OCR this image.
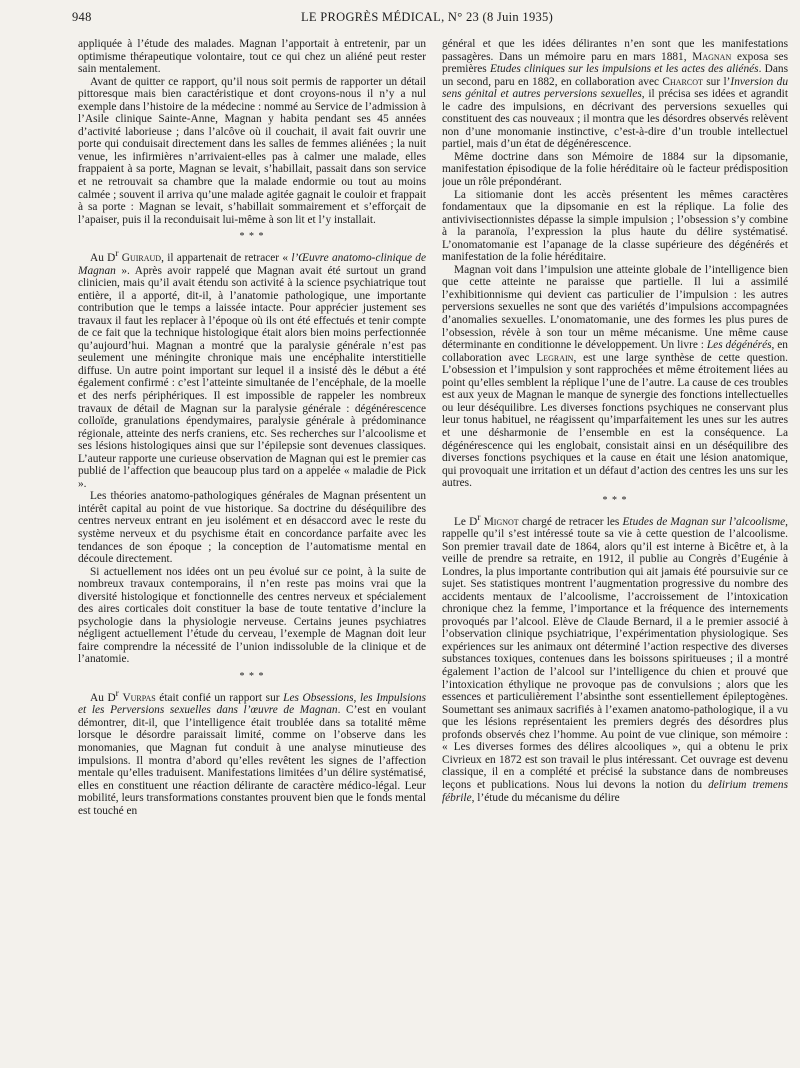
948	LE PROGRÈS MÉDICAL, N° 23 (8 Juin 1935)

appliquée à l’étude des malades. Magnan l’apportait à entretenir, par un optimisme thérapeutique volontaire, tout ce qui chez un aliéné peut rester sain mentalement.

Avant de quitter ce rapport, qu’il nous soit permis de rapporter un détail pittoresque mais bien caractéristique et dont croyons-nous il n’y a nul exemple dans l’histoire de la médecine : nommé au Service de l’admission à l’Asile clinique Sainte-Anne, Magnan y habita pendant ses 45 années d’activité laborieuse ; dans l’alcôve où il couchait, il avait fait ouvrir une porte qui conduisait directement dans les salles de femmes aliénées ; la nuit venue, les infirmières n’arrivaient-elles pas à calmer une malade, elles frappaient à sa porte, Magnan se levait, s’habillait, passait dans son service et ne retrouvait sa chambre que la malade endormie ou tout au moins calmée ; souvent il arriva qu’une malade agitée gagnait le couloir et frappait à sa porte : Magnan se levait, s’habillait sommairement et s’efforçait de l’apaiser, puis il la reconduisait lui-même à son lit et l’y installait.

* * *

Au $D^r$ Guiraud, il appartenait de retracer « l’Œuvre anatomo-clinique de Magnan ». Après avoir rappelé que Magnan avait été surtout un grand clinicien, mais qu’il avait étendu son activité à la science psychiatrique tout entière, il a apporté, dit-il, à l’anatomie pathologique, une importante contribution que le temps a laissée intacte. Pour apprécier justement ses travaux il faut les replacer à l’époque où ils ont été effectués et tenir compte de ce fait que la technique histologique était alors bien moins perfectionnée qu’aujourd’hui. Magnan a montré que la paralysie générale n’est pas seulement une méningite chronique mais une encéphalite interstitielle diffuse. Un autre point important sur lequel il a insisté dès le début a été également confirmé : c’est l’atteinte simultanée de l’encéphale, de la moelle et des nerfs périphériques. Il est impossible de rappeler les nombreux travaux de détail de Magnan sur la paralysie générale : dégénérescence colloïde, granulations épendymaires, paralysie générale à prédominance régionale, atteinte des nerfs craniens, etc. Ses recherches sur l’alcoolisme et ses lésions histologiques ainsi que sur l’épilepsie sont devenues classiques. L’auteur rapporte une curieuse observation de Magnan qui est le premier cas publié de l’affection que beaucoup plus tard on a appelée « maladie de Pick ».

Les théories anatomo-pathologiques générales de Magnan présentent un intérêt capital au point de vue historique. Sa doctrine du déséquilibre des centres nerveux entrant en jeu isolément et en désaccord avec le reste du système nerveux et du psychisme était en concordance parfaite avec les tendances de son époque ; la conception de l’automatisme mental en découle directement.

Si actuellement nos idées ont un peu évolué sur ce point, à la suite de nombreux travaux contemporains, il n’en reste pas moins vrai que la diversité histologique et fonctionnelle des centres nerveux et spécialement des aires corticales doit constituer la base de toute tentative d’inclure la psychologie dans la physiologie nerveuse. Certains jeunes psychiatres négligent actuellement l’étude du cerveau, l’exemple de Magnan doit leur faire comprendre la nécessité de l’union indissoluble de la clinique et de l’anatomie.

* * *

Au $D^r$ Vurpas était confié un rapport sur Les Obsessions, les Impulsions et les Perversions sexuelles dans l’œuvre de Magnan. C’est en voulant démontrer, dit-il, que l’intelligence était troublée dans sa totalité même lorsque le désordre paraissait limité, comme on l’observe dans les monomanies, que Magnan fut conduit à une analyse minutieuse des impulsions. Il montra d’abord qu’elles revêtent les signes de l’affection mentale qu’elles traduisent. Manifestations limitées d’un délire systématisé, elles en constituent une réaction délirante de caractère médico-légal. Leur mobilité, leurs transformations constantes prouvent bien que le fonds mental est touché en

général et que les idées délirantes n’en sont que les manifestations passagères. Dans un mémoire paru en mars 1881, Magnan exposa ses premières Etudes cliniques sur les impulsions et les actes des aliénés. Dans un second, paru en 1882, en collaboration avec Charcot sur l’Inversion du sens génital et autres perversions sexuelles, il précisa ses idées et agrandit le cadre des impulsions, en décrivant des perversions sexuelles qui constituent des cas nouveaux ; il montra que les désordres observés relèvent non d’une monomanie instinctive, c’est-à-dire d’un trouble intellectuel partiel, mais d’un état de dégénérescence.

Même doctrine dans son Mémoire de 1884 sur la dipsomanie, manifestation épisodique de la folie héréditaire où le facteur prédisposition joue un rôle prépondérant.

La sitiomanie dont les accès présentent les mêmes caractères fondamentaux que la dipsomanie en est la réplique. La folie des antivivisectionnistes dépasse la simple impulsion ; l’obsession s’y combine à la paranoïa, l’expression la plus haute du délire systématisé. L’onomatomanie est l’apanage de la classe supérieure des dégénérés et manifestation de la folie héréditaire.

Magnan voit dans l’impulsion une atteinte globale de l’intelligence bien que cette atteinte ne paraisse que partielle. Il lui a assimilé l’exhibitionnisme qui devient cas particulier de l’impulsion : les autres perversions sexuelles ne sont que des variétés d’impulsions accompagnées d’anomalies sexuelles. L’onomatomanie, une des formes les plus pures de l’obsession, révèle à son tour un même mécanisme. Une même cause déterminante en conditionne le développement. Un livre : Les dégénérés, en collaboration avec Legrain, est une large synthèse de cette question. L’obsession et l’impulsion y sont rapprochées et même étroitement liées au point qu’elles semblent la réplique l’une de l’autre. La cause de ces troubles est aux yeux de Magnan le manque de synergie des fonctions intellectuelles ou leur déséquilibre. Les diverses fonctions psychiques ne conservant plus leur tonus habituel, ne réagissent qu’imparfaitement les unes sur les autres et une désharmonie de l’ensemble en est la conséquence. La dégénérescence qui les englobait, consistait ainsi en un déséquilibre des diverses fonctions psychiques et la cause en était une lésion anatomique, qui provoquait une irritation et un défaut d’action des centres les uns sur les autres.

* * *

Le $D^r$ Mignot chargé de retracer les Etudes de Magnan sur l’alcoolisme, rappelle qu’il s’est intéressé toute sa vie à cette question de l’alcoolisme. Son premier travail date de 1864, alors qu’il est interne à Bicêtre et, à la veille de prendre sa retraite, en 1912, il publie au Congrès d’Eugénie à Londres, la plus importante contribution qui ait jamais été poursuivie sur ce sujet. Ses statistiques montrent l’augmentation progressive du nombre des accidents mentaux de l’alcoolisme, l’accroissement de l’intoxication chronique chez la femme, l’importance et la fréquence des internements provoqués par l’alcool. Elève de Claude Bernard, il a le premier associé à l’observation clinique psychiatrique, l’expérimentation physiologique. Ses expériences sur les animaux ont déterminé l’action respective des diverses substances toxiques, contenues dans les boissons spiritueuses ; il a montré également l’action de l’alcool sur l’intelligence du chien et prouvé que l’intoxication éthylique ne provoque pas de convulsions ; alors que les essences et particulièrement l’absinthe sont essentiellement épileptogènes. Soumettant ses animaux sacrifiés à l’examen anatomo-pathologique, il a vu que les lésions représentaient les premiers degrés des désordres plus profonds observés chez l’homme. Au point de vue clinique, son mémoire : « Les diverses formes des délires alcooliques », qui a obtenu le prix Civrieux en 1872 est son travail le plus intéressant. Cet ouvrage est devenu classique, il en a complété et précisé la substance dans de nombreuses leçons et publications. Nous lui devons la notion du delirium tremens fébrile, l’étude du mécanisme du délire
